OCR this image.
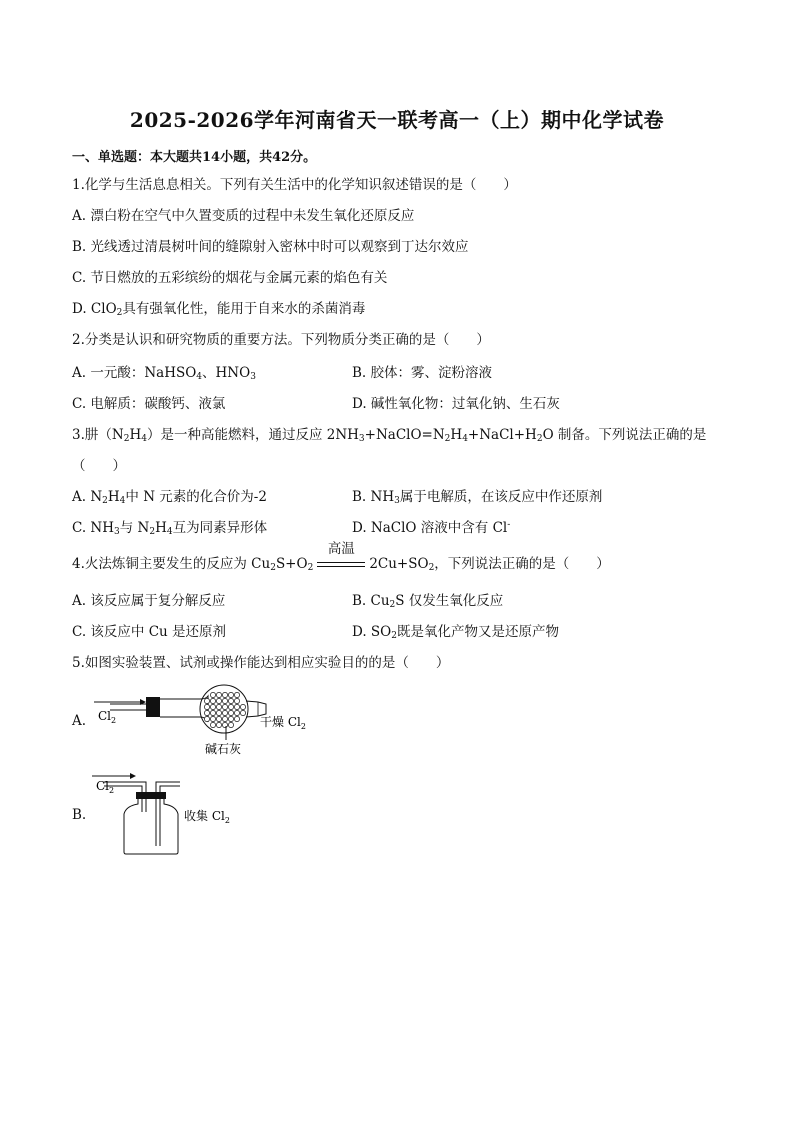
2025-2026学年河南省天一联考高一（上）期中化学试卷
一、单选题：本大题共14小题，共42分。
1.化学与生活息息相关。下列有关生活中的化学知识叙述错误的是（　　）
A. 漂白粉在空气中久置变质的过程中未发生氧化还原反应
B. 光线透过清晨树叶间的缝隙射入密林中时可以观察到丁达尔效应
C. 节日燃放的五彩缤纷的烟花与金属元素的焰色有关
D. ClO$_2$具有强氧化性，能用于自来水的杀菌消毒
2.分类是认识和研究物质的重要方法。下列物质分类正确的是（　　）
A. 一元酸：NaHSO$_4$、$HNO_3$	B. 胶体：雾、淀粉溶液
C. 电解质：碳酸钙、液氯	D. 碱性氧化物：过氧化钠、生石灰
3.肼$(N_2H_4)$是一种高能燃料，通过反应 $2NH_3+NaClO=N_2H_4+NaCl+H_2O$ 制备。下列说法正确的是
（　　）
A. $N_2H_4$中 N 元素的化合价为-2	B. $NH_3$属于电解质，在该反应中作还原剂
C. $NH_3$与 $N_2H_4$互为同素异形体	D. NaClO 溶液中含有 Cl-
4.火法炼铜主要发生的反应为 $Cu_2S+O_2$
高温
$2Cu+SO_2$，下列说法正确的是（　　）
A. 该反应属于复分解反应	B. $Cu_2S$ 仅发生氧化反应
C. 该反应中 Cu 是还原剂	D. $SO_2$既是氧化产物又是还原产物
5.如图实验装置、试剂或操作能达到相应实验目的的是（　　）
A. $Cl_2$
碱石灰
干燥 $Cl_2$
B.
$Cl_2$
收集 $Cl_2$
